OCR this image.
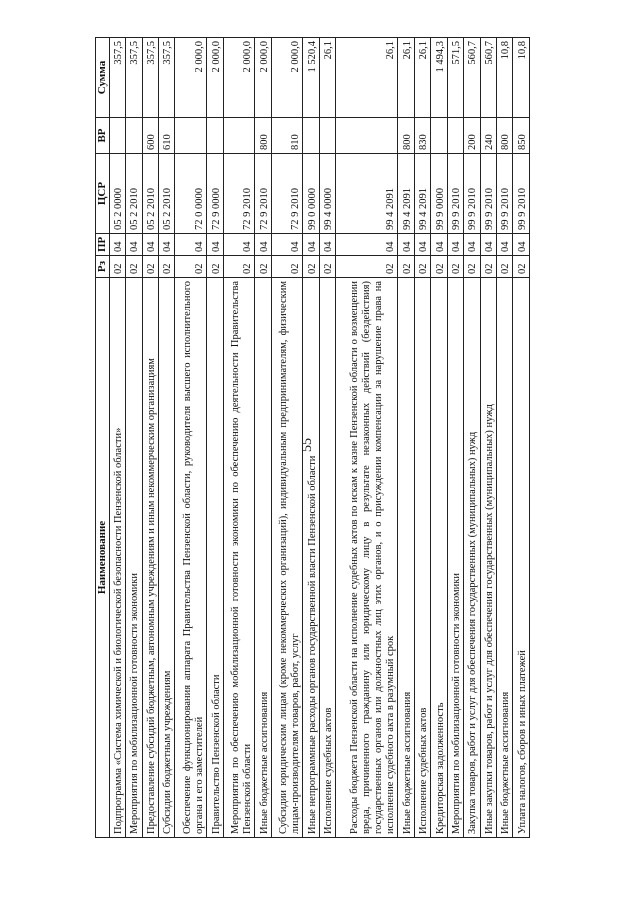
55
Наименование	Рз	ПР	ЦСР	ВР	Сумма
Подпрограмма «Система химической и биологической безопасности Пензенской области»	02	04	05 2 0000		357,5
Мероприятия по мобилизационной готовности экономики	02	04	05 2 2010		357,5
Предоставление субсидий бюджетным, автономным учреждениям и иным некоммерческим организациям	02	04	05 2 2010	600	357,5
Субсидии бюджетным учреждениям	02	04	05 2 2010	610	357,5
Обеспечение функционирования аппарата Правительства Пензенской области, руководителя высшего исполнительного органа и его заместителей	02	04	72 0 0000		2 000,0
Правительство Пензенской области	02	04	72 9 0000		2 000,0
Мероприятия по обеспечению мобилизационной готовности экономики по обеспечению деятельности Правительства Пензенской области	02	04	72 9 2010		2 000,0
Иные бюджетные ассигнования	02	04	72 9 2010	800	2 000,0
Субсидии юридическим лицам (кроме некоммерческих организаций), индивидуальным предпринимателям, физическим лицам-производителям товаров, работ, услуг	02	04	72 9 2010	810	2 000,0
Иные непрограммные расходы органов государственной власти Пензенской области	02	04	99 0 0000		1 520,4
Исполнение судебных актов	02	04	99 4 0000		26,1
Расходы бюджета Пензенской области на исполнение судебных актов по искам к казне Пензенской области о возмещении вреда, причиненного гражданину или юридическому лицу в результате незаконных действий (бездействия) государственных органов или должностных лиц этих органов, и о присуждении компенсации за нарушение права на исполнение судебного акта в разумный срок	02	04	99 4 2091		26,1
Иные бюджетные ассигнования	02	04	99 4 2091	800	26,1
Исполнение судебных актов	02	04	99 4 2091	830	26,1
Кредиторская задолженность	02	04	99 9 0000		1 494,3
Мероприятия по мобилизационной готовности экономики	02	04	99 9 2010		571,5
Закупка товаров, работ и услуг для обеспечения государственных (муниципальных) нужд	02	04	99 9 2010	200	560,7
Иные закупки товаров, работ и услуг для обеспечения государственных (муниципальных) нужд	02	04	99 9 2010	240	560,7
Иные бюджетные ассигнования	02	04	99 9 2010	800	10,8
Уплата налогов, сборов и иных платежей	02	04	99 9 2010	850	10,8
